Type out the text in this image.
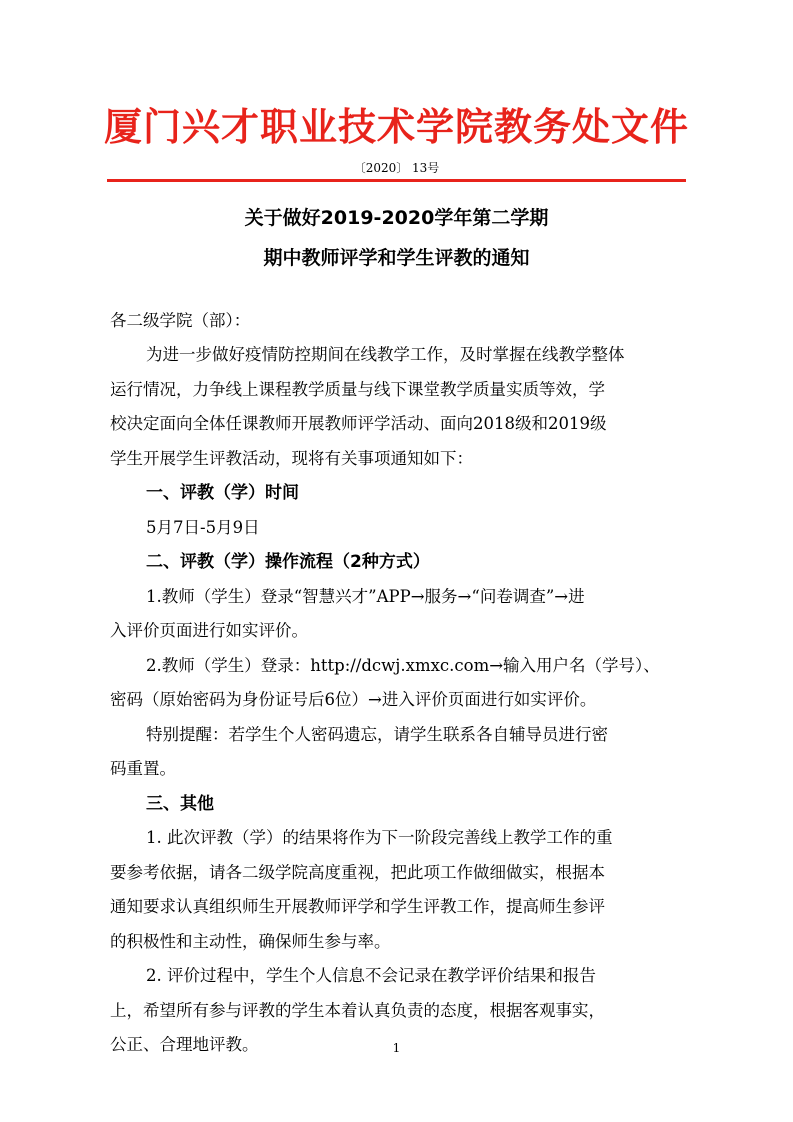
厦门兴才职业技术学院教务处文件
〔2020〕 13号
关于做好2019-2020学年第二学期
期中教师评学和学生评教的通知
各二级学院（部）：
为进一步做好疫情防控期间在线教学工作，及时掌握在线教学整体
运行情况，力争线上课程教学质量与线下课堂教学质量实质等效，学
校决定面向全体任课教师开展教师评学活动、面向2018级和2019级
学生开展学生评教活动，现将有关事项通知如下：
一、评教（学）时间
5月7日-5月9日
二、评教（学）操作流程（2种方式）
1.教师（学生）登录“智慧兴才”APP→服务→“问卷调查”→进
入评价页面进行如实评价。
2.教师（学生）登录：http://dcwj.xmxc.com→输入用户名（学号）、
密码（原始密码为身份证号后6位）→进入评价页面进行如实评价。
特别提醒：若学生个人密码遗忘，请学生联系各自辅导员进行密
码重置。
三、其他
1. 此次评教（学）的结果将作为下一阶段完善线上教学工作的重
要参考依据，请各二级学院高度重视，把此项工作做细做实，根据本
通知要求认真组织师生开展教师评学和学生评教工作，提高师生参评
的积极性和主动性，确保师生参与率。
2. 评价过程中，学生个人信息不会记录在教学评价结果和报告
上，希望所有参与评教的学生本着认真负责的态度，根据客观事实，
公正、合理地评教。	1
